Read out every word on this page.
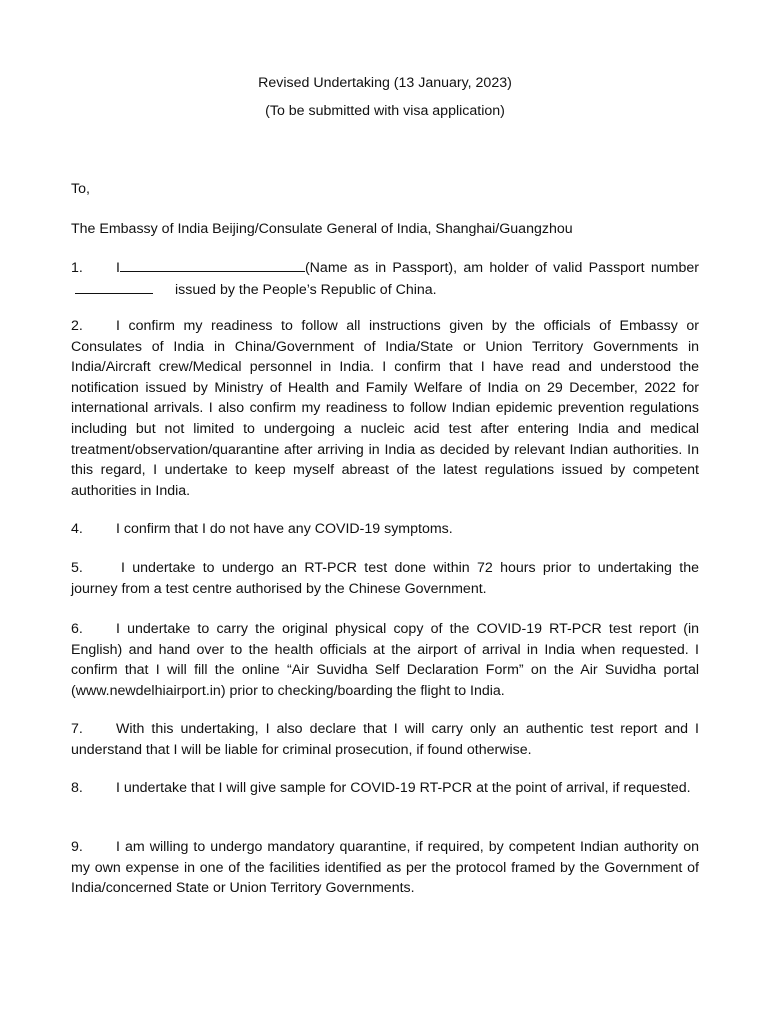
Revised Undertaking (13 January, 2023)
(To be submitted with visa application)
To,
The Embassy of India Beijing/Consulate General of India, Shanghai/Guangzhou

1. I	(Name as in Passport), am holder of valid Passport number issued by the People’s Republic of China.

2. I confirm my readiness to follow all instructions given by the officials of Embassy or Consulates of India in China/Government of India/State or Union Territory Governments in India/Aircraft crew/Medical personnel in India. I confirm that I have read and understood the notification issued by Ministry of Health and Family Welfare of India on 29 December, 2022 for international arrivals. I also confirm my readiness to follow Indian epidemic prevention regulations including but not limited to undergoing a nucleic acid test after entering India and medical treatment/observation/quarantine after arriving in India as decided by relevant Indian authorities. In this regard, I undertake to keep myself abreast of the latest regulations issued by competent authorities in India.

4. I confirm that I do not have any COVID-19 symptoms.

5.	I undertake to undergo an RT-PCR test done within 72 hours prior to undertaking the journey from a test centre authorised by the Chinese Government.

6. I undertake to carry the original physical copy of the COVID-19 RT-PCR test report (in English) and hand over to the health officials at the airport of arrival in India when requested. I confirm that I will fill the online “Air Suvidha Self Declaration Form” on the Air Suvidha portal (www.newdelhiairport.in) prior to checking/boarding the flight to India.

7. With this undertaking, I also declare that I will carry only an authentic test report and I understand that I will be liable for criminal prosecution, if found otherwise.

8. I undertake that I will give sample for COVID-19 RT-PCR at the point of arrival, if requested.

9. I am willing to undergo mandatory quarantine, if required, by competent Indian authority on my own expense in one of the facilities identified as per the protocol framed by the Government of India/concerned State or Union Territory Governments.
